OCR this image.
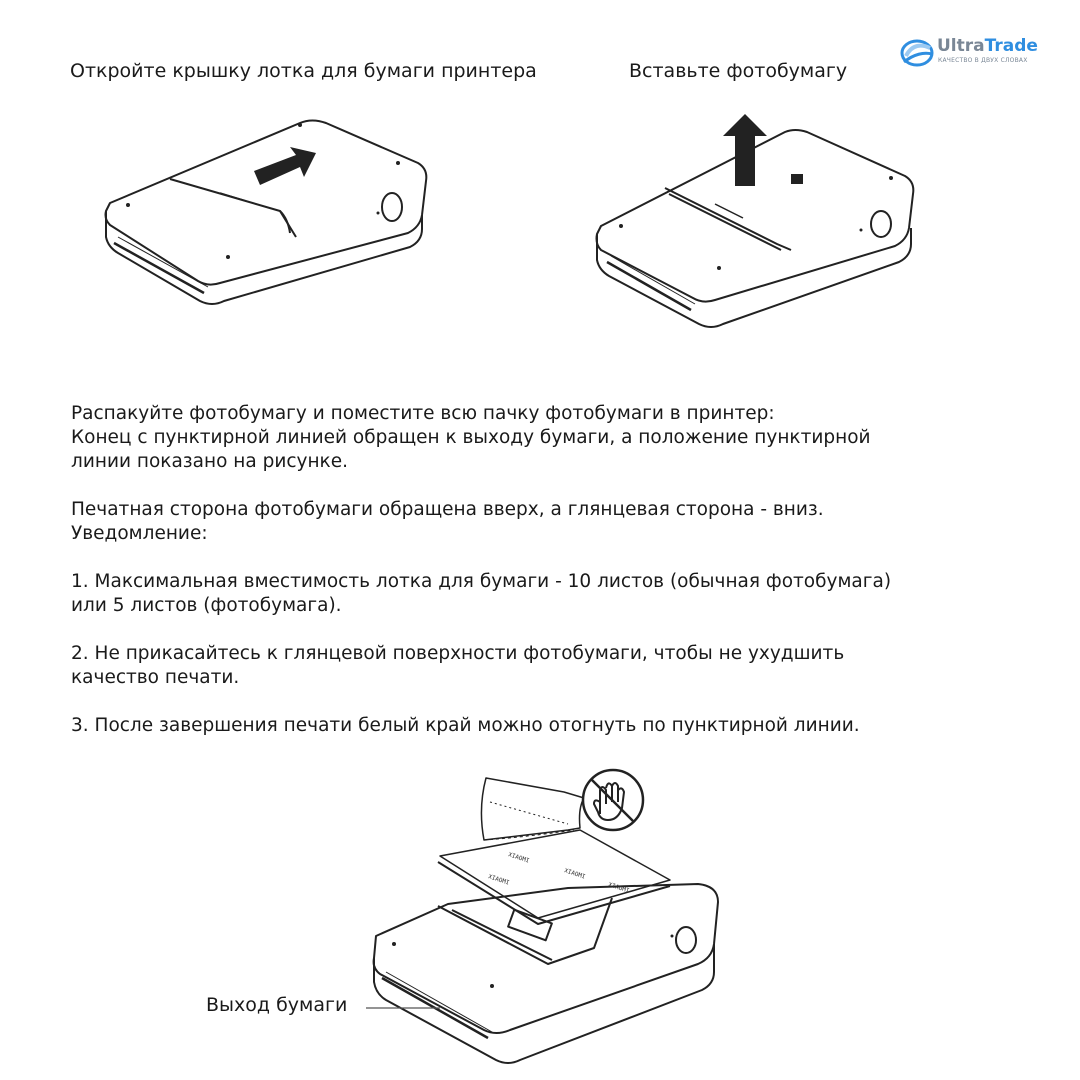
UltraTrade
КАЧЕСТВО В ДВУХ СЛОВАХ
Откройте крышку лотка для бумаги принтера	Вставьте фотобумагу
Распакуйте фотобумагу и поместите всю пачку фотобумаги в принтер:
Конец с пунктирной линией обращен к выходу бумаги, а положение пунктирной
линии показано на рисунке.
Печатная сторона фотобумаги обращена вверх, а глянцевая сторона - вниз.
Уведомление:
1. Максимальная вместимость лотка для бумаги - 10 листов (обычная фотобумага)
или 5 листов (фотобумага).
2. Не прикасайтесь к глянцевой поверхности фотобумаги, чтобы не ухудшить
качество печати.
3. После завершения печати белый край можно отогнуть по пунктирной линии.
XIAOMI
XIAOMI
XIAOMI
XIAOMI
Выход бумаги
